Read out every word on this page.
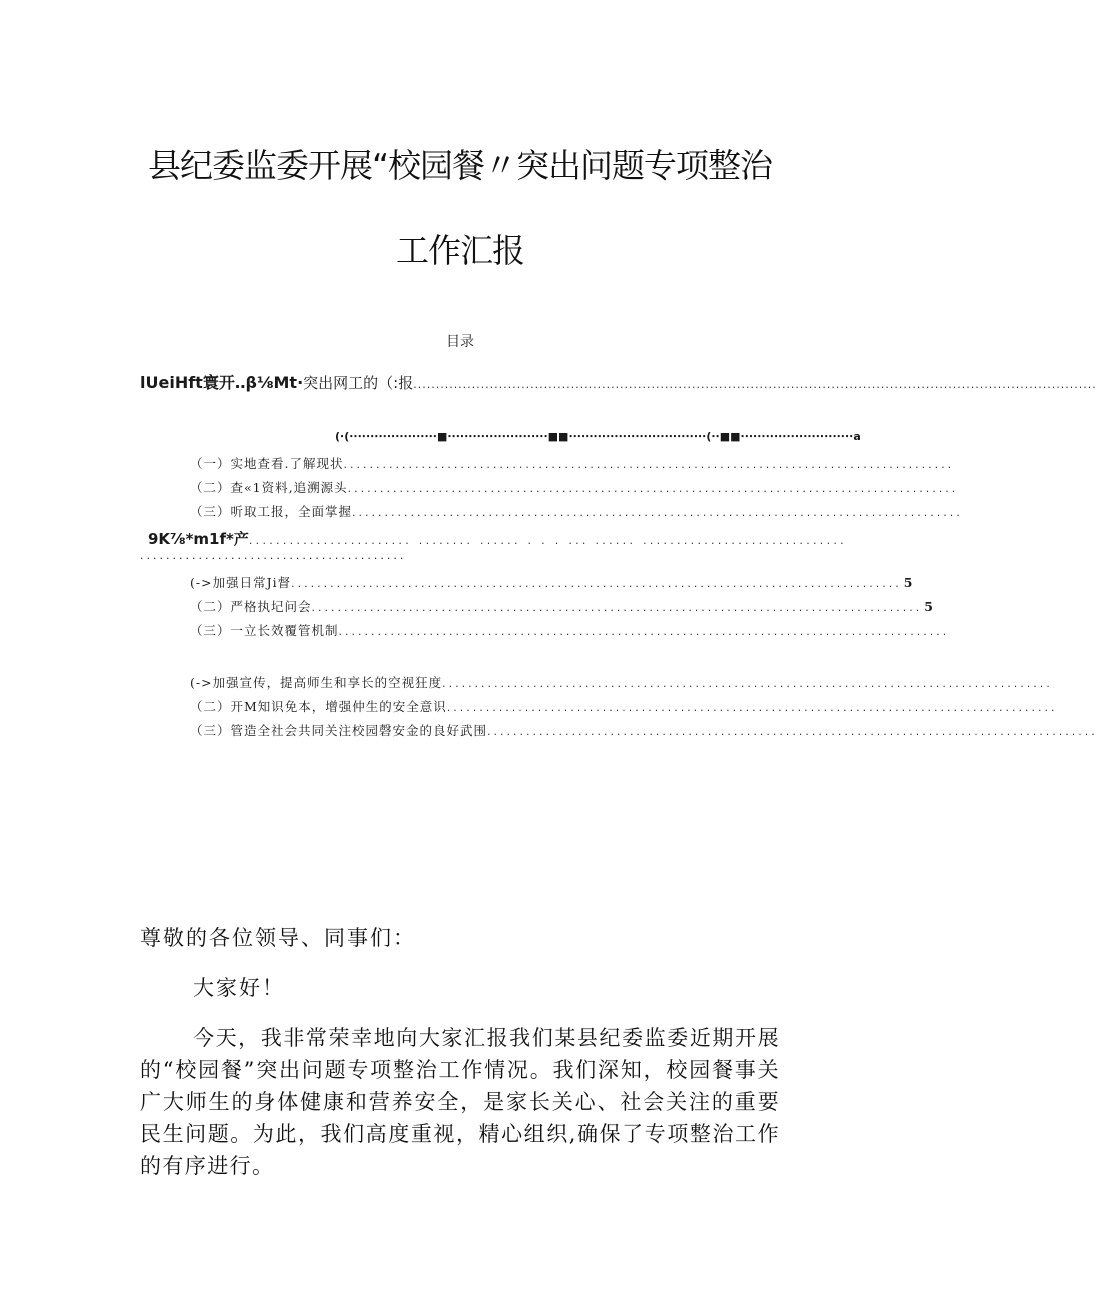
县纪委监委开展“校园餐〃突出问题专项整治
工作汇报
目录
lUeiHft寰开‥β⅛Mt∙突出网工的（:报 ........................................................................................................................................................
(∙(∙∙∙∙∙∙∙∙∙∙∙∙∙∙∙∙∙∙∙∙∙■∙∙∙∙∙∙∙∙∙∙∙∙∙∙∙∙∙∙∙∙∙∙∙∙■■∙∙∙∙∙∙∙∙∙∙∙∙∙∙∙∙∙∙∙∙∙∙∙∙∙∙∙∙∙∙∙∙∙(∙∙■■∙∙∙∙∙∙∙∙∙∙∙∙∙∙∙∙∙∙∙∙∙∙∙∙∙∙∙a
（一）实地查看.了解现状 ..............................................................................................
（二）查«1资料,追溯源头 ..............................................................................................
（三）听取工报，全面掌握 ..............................................................................................
9K⅞*m1f*产 ........................ ........ ...... . . . ... ...... ..............................
.........................................
(->加强日常Ji督 .............................................................................................. 5
（二）严格执圮问会 .............................................................................................. 5
（三）一立长效覆管机制 ..............................................................................................
(->加强宣传，提高师生和享长的空视狂度 ..............................................................................................
（二）开M知识免本，增强仲生的安全意识 ..............................................................................................
（三）管造全社会共同关注校园磬安金的良好武围 ..............................................................................................
尊敬的各位领导、同事们：
大家好！
今天，我非常荣幸地向大家汇报我们某县纪委监委近期开展的“校园餐”突出问题专项整治工作情况。我们深知，校园餐事关广大师生的身体健康和营养安全，是家长关心、社会关注的重要民生问题。为此，我们高度重视，精心组织,确保了专项整治工作的有序进行。
